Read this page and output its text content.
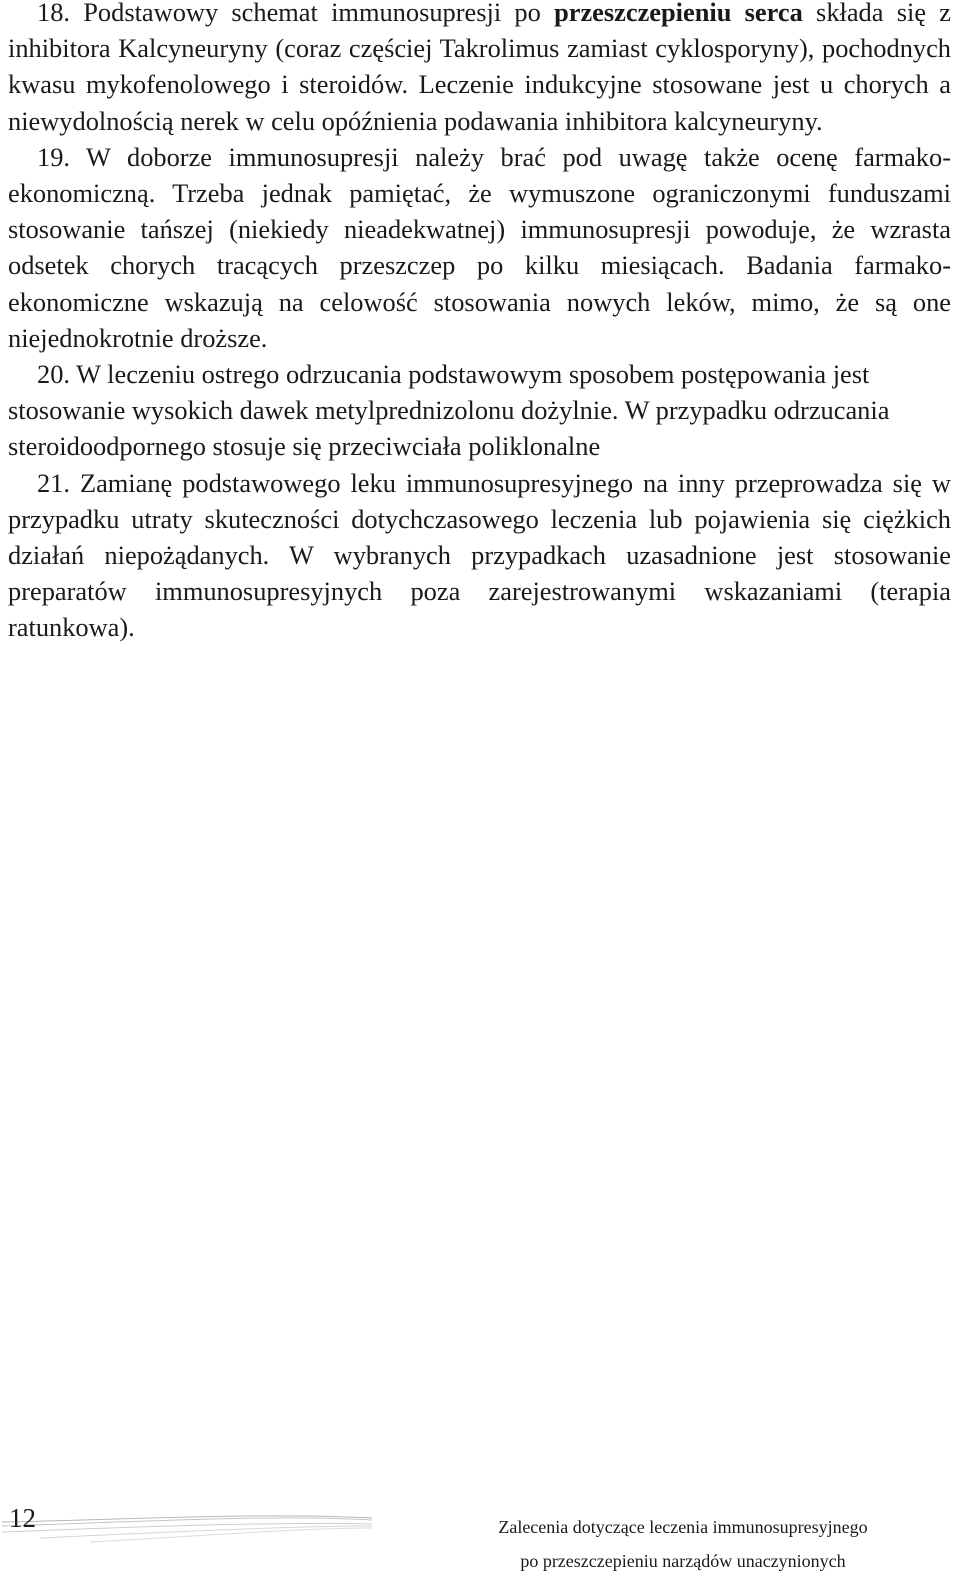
18. Podstawowy schemat immunosupresji po przeszczepieniu serca składa się z inhibitora Kalcyneuryny (coraz częściej Takrolimus zamiast cyklosporyny), pochodnych kwasu mykofenolowego i steroidów. Leczenie indukcyjne stosowane jest u chorych a niewydolnością nerek w celu opóźnienia podawania inhibitora kalcyneuryny.

19. W doborze immunosupresji należy brać pod uwagę także ocenę farmakoekonomiczną. Trzeba jednak pamiętać, że wymuszone ograniczonymi funduszami stosowanie tańszej (niekiedy nieadekwatnej) immunosupresji powoduje, że wzrasta odsetek chorych tracących przeszczep po kilku miesiącach. Badania farmakoekonomiczne wskazują na celowość stosowania nowych leków, mimo, że są one niejednokrotnie droższe.

20. W leczeniu ostrego odrzucania podstawowym sposobem postępowania jest stosowanie wysokich dawek metylprednizolonu dożylnie. W przypadku odrzucania steroidoodpornego stosuje się przeciwciała poliklonalne

21. Zamianę podstawowego leku immunosupresyjnego na inny przeprowadza się w przypadku utraty skuteczności dotychczasowego leczenia lub pojawienia się ciężkich działań niepożądanych. W wybranych przypadkach uzasadnione jest stosowanie preparatów immunosupresyjnych poza zarejestrowanymi wskazaniami (terapia ratunkowa).

12	Zalecenia dotyczące leczenia immunosupresyjnego
po przeszczepieniu narządów unaczynionych
